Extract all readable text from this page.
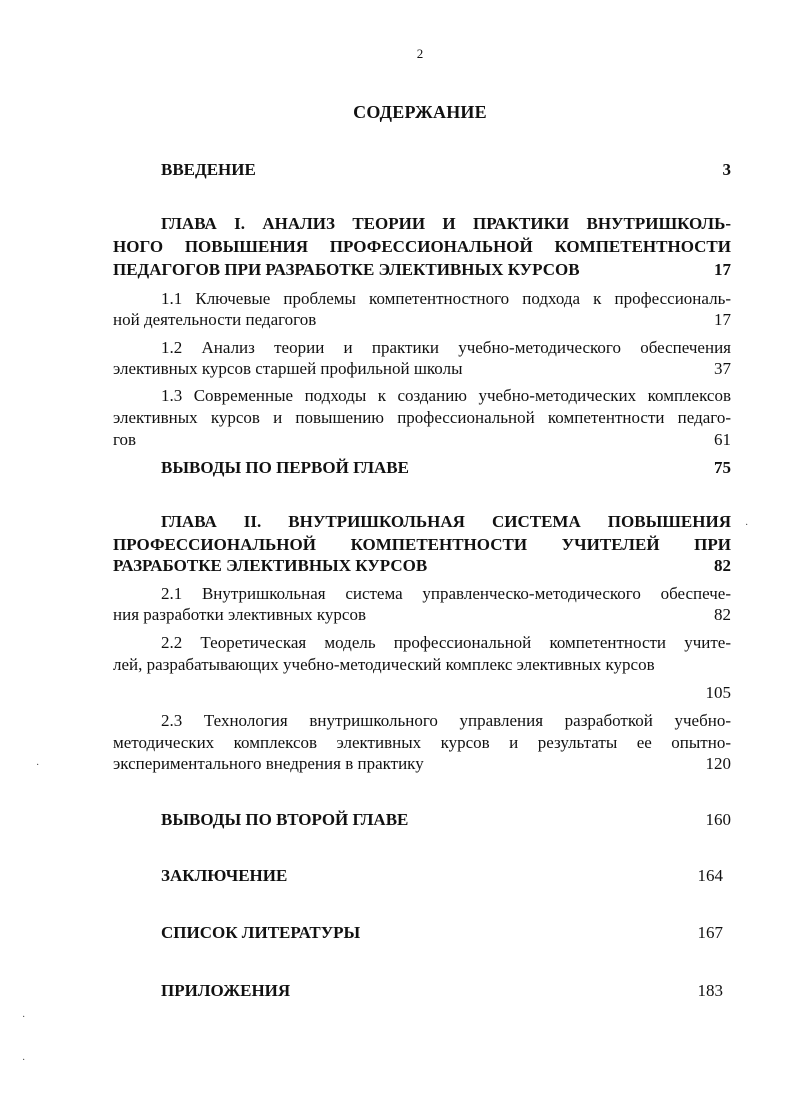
2
СОДЕРЖАНИЕ
ВВЕДЕНИЕ	3
ГЛАВА I. АНАЛИЗ ТЕОРИИ И ПРАКТИКИ ВНУТРИШКОЛЬ-
НОГО ПОВЫШЕНИЯ ПРОФЕССИОНАЛЬНОЙ КОМПЕТЕНТНОСТИ
ПЕДАГОГОВ ПРИ РАЗРАБОТКЕ ЭЛЕКТИВНЫХ КУРСОВ	17
1.1 Ключевые проблемы компетентностного подхода к профессиональ-
ной деятельности педагогов	17
1.2 Анализ теории и практики учебно-методического обеспечения
элективных курсов старшей профильной школы	37
1.3 Современные подходы к созданию учебно-методических комплексов
элективных курсов и повышению профессиональной компетентности педаго-
гов	61
ВЫВОДЫ ПО ПЕРВОЙ ГЛАВЕ	75
ГЛАВА II. ВНУТРИШКОЛЬНАЯ СИСТЕМА ПОВЫШЕНИЯ
ПРОФЕССИОНАЛЬНОЙ КОМПЕТЕНТНОСТИ УЧИТЕЛЕЙ ПРИ
РАЗРАБОТКЕ ЭЛЕКТИВНЫХ КУРСОВ	82
2.1 Внутришкольная система управленческо-методического обеспече-
ния разработки элективных курсов	82
2.2 Теоретическая модель профессиональной компетентности учите-
лей, разрабатывающих учебно-методический комплекс элективных курсов
105
2.3 Технология внутришкольного управления разработкой учебно-
методических комплексов элективных курсов и результаты ее опытно-
экспериментального внедрения в практику	120
ВЫВОДЫ ПО ВТОРОЙ ГЛАВЕ	160
ЗАКЛЮЧЕНИЕ	164
СПИСОК ЛИТЕРАТУРЫ	167
ПРИЛОЖЕНИЯ	183
·
·
·
·
